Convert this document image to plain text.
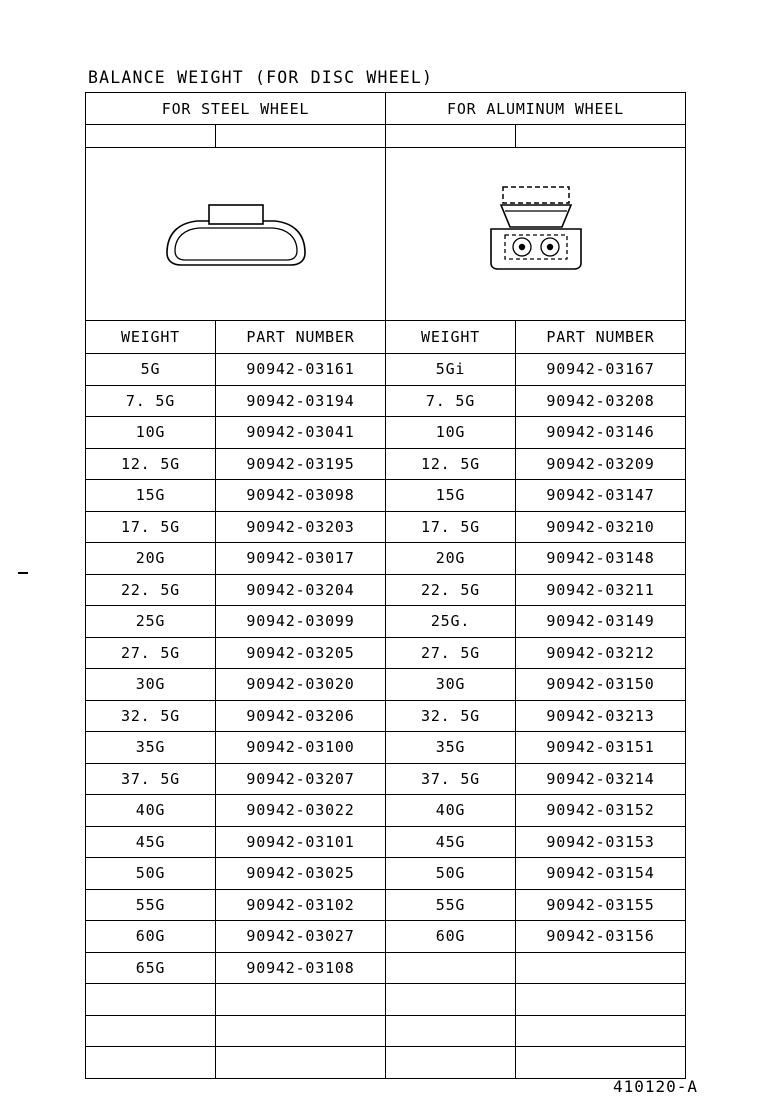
BALANCE WEIGHT (FOR DISC WHEEL)
FOR STEEL WHEEL		FOR ALUMINUM WHEEL	

WEIGHT	PART NUMBER	WEIGHT	PART NUMBER
5G	90942-03161	5Gi	90942-03167
7. 5G	90942-03194	7. 5G	90942-03208
10G	90942-03041	10G	90942-03146
12. 5G	90942-03195	12. 5G	90942-03209
15G	90942-03098	15G	90942-03147
17. 5G	90942-03203	17. 5G	90942-03210
20G	90942-03017	20G	90942-03148
22. 5G	90942-03204	22. 5G	90942-03211
25G	90942-03099	25G.	90942-03149
27. 5G	90942-03205	27. 5G	90942-03212
30G	90942-03020	30G	90942-03150
32. 5G	90942-03206	32. 5G	90942-03213
35G	90942-03100	35G	90942-03151
37. 5G	90942-03207	37. 5G	90942-03214
40G	90942-03022	40G	90942-03152
45G	90942-03101	45G	90942-03153
50G	90942-03025	50G	90942-03154
55G	90942-03102	55G	90942-03155
60G	90942-03027	60G	90942-03156
65G	90942-03108		

410120-A
